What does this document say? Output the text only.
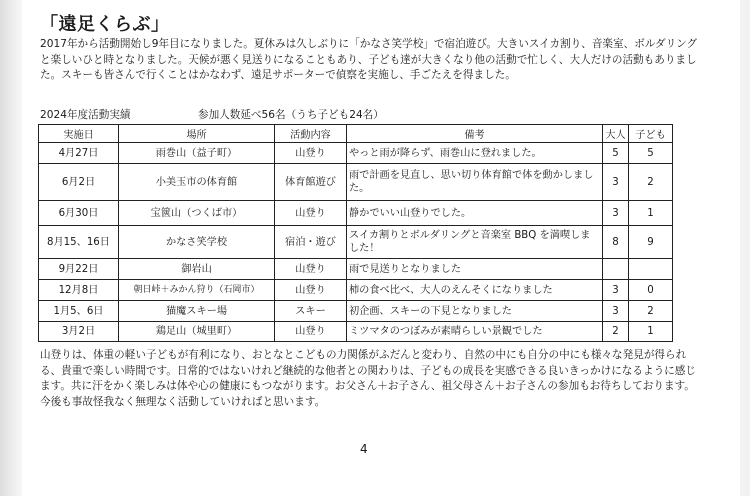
「遠足くらぶ」
2017年から活動開始し9年目になりました。夏休みは久しぶりに「かなさ笑学校」で宿泊遊び。大きいスイカ割り、音楽室、ボルダリングと楽しいひと時となりました。天候が悪く見送りになることもあり、子ども達が大きくなり他の活動で忙しく、大人だけの活動もありました。スキーも皆さんで行くことはかなわず、遠足サポーターで偵察を実施し、手ごたえを得ました。
2024年度活動実績	参加人数延べ56名（うち子ども24名）
実施日	場所	活動内容	備考	大人	子ども
4月27日	雨巻山（益子町）	山登り	やっと雨が降らず、雨巻山に登れました。	5	5
6月2日	小美玉市の体育館	体育館遊び	雨で計画を見直し、思い切り体育館で体を動かしました。	3	2
6月30日	宝篋山（つくば市）	山登り	静かでいい山登りでした。	3	1
8月15、16日	かなさ笑学校	宿泊・遊び	スイカ割りとボルダリングと音楽室 BBQ を満喫しました！	8	9
9月22日	御岩山	山登り	雨で見送りとなりました		
12月8日	朝日峠＋みかん狩り（石岡市）	山登り	柿の食べ比べ、大人のえんそくになりました	3	0
1月5、6日	猫魔スキー場	スキー	初企画、スキーの下見となりました	3	2
3月2日	鶏足山（城里町）	山登り	ミツマタのつぼみが素晴らしい景観でした	2	1
山登りは、体重の軽い子どもが有利になり、おとなとこどもの力関係がふだんと変わり、自然の中にも自分の中にも様々な発見が得られる、貴重で楽しい時間です。日常的ではないけれど継続的な他者との関わりは、子どもの成長を実感できる良いきっかけになるように感じます。共に汗をかく楽しみは体や心の健康にもつながります。お父さん＋お子さん、祖父母さん＋お子さんの参加もお待ちしております。今後も事故怪我なく無理なく活動していければと思います。
4
